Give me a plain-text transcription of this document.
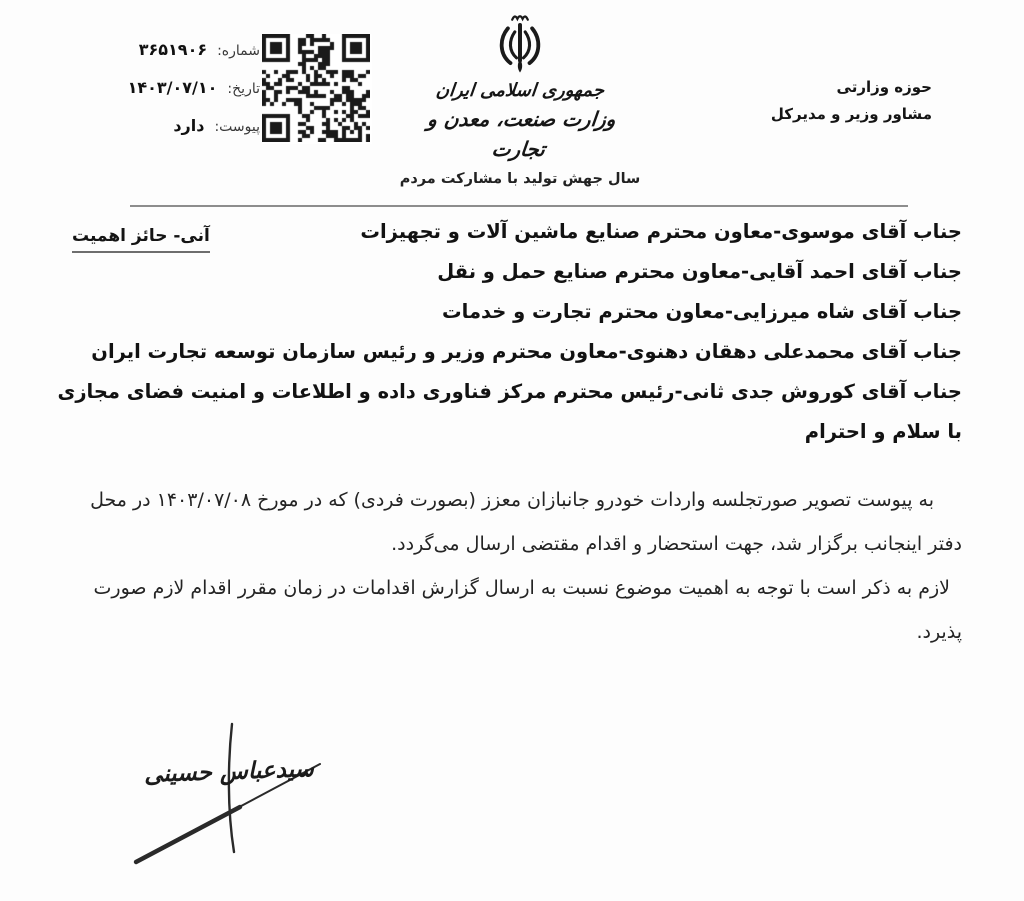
شماره:
۳۶۵۱۹۰۶
تاریخ:
۱۴۰۳/۰۷/۱۰
پیوست:
دارد
جمهوری اسلامی ایران
وزارت صنعت، معدن و تجارت
سال جهش تولید با مشارکت مردم
حوزه وزارتی
مشاور وزیر و مدیرکل
آنی- حائز اهمیت	جناب آقای موسوی-معاون محترم صنایع ماشین آلات و تجهیزات
جناب آقای احمد آقایی-معاون محترم صنایع حمل و نقل
جناب آقای شاه میرزایی-معاون محترم تجارت و خدمات
جناب آقای محمدعلی دهقان دهنوی-معاون محترم وزیر و رئیس سازمان توسعه تجارت ایران
جناب آقای کوروش جدی ثانی-رئیس محترم مرکز فناوری داده و اطلاعات و امنیت فضای مجازی
با سلام و احترام

به پیوست تصویر صورتجلسه واردات خودرو جانبازان معزز (بصورت فردی) که در مورخ ۱۴۰۳/۰۷/۰۸ در محل دفتر اینجانب برگزار شد، جهت استحضار و اقدام مقتضی ارسال می‌گردد.

لازم به ذکر است با توجه به اهمیت موضوع نسبت به ارسال گزارش اقدامات در زمان مقرر اقدام لازم صورت پذیرد.

سیدعباس حسینی
